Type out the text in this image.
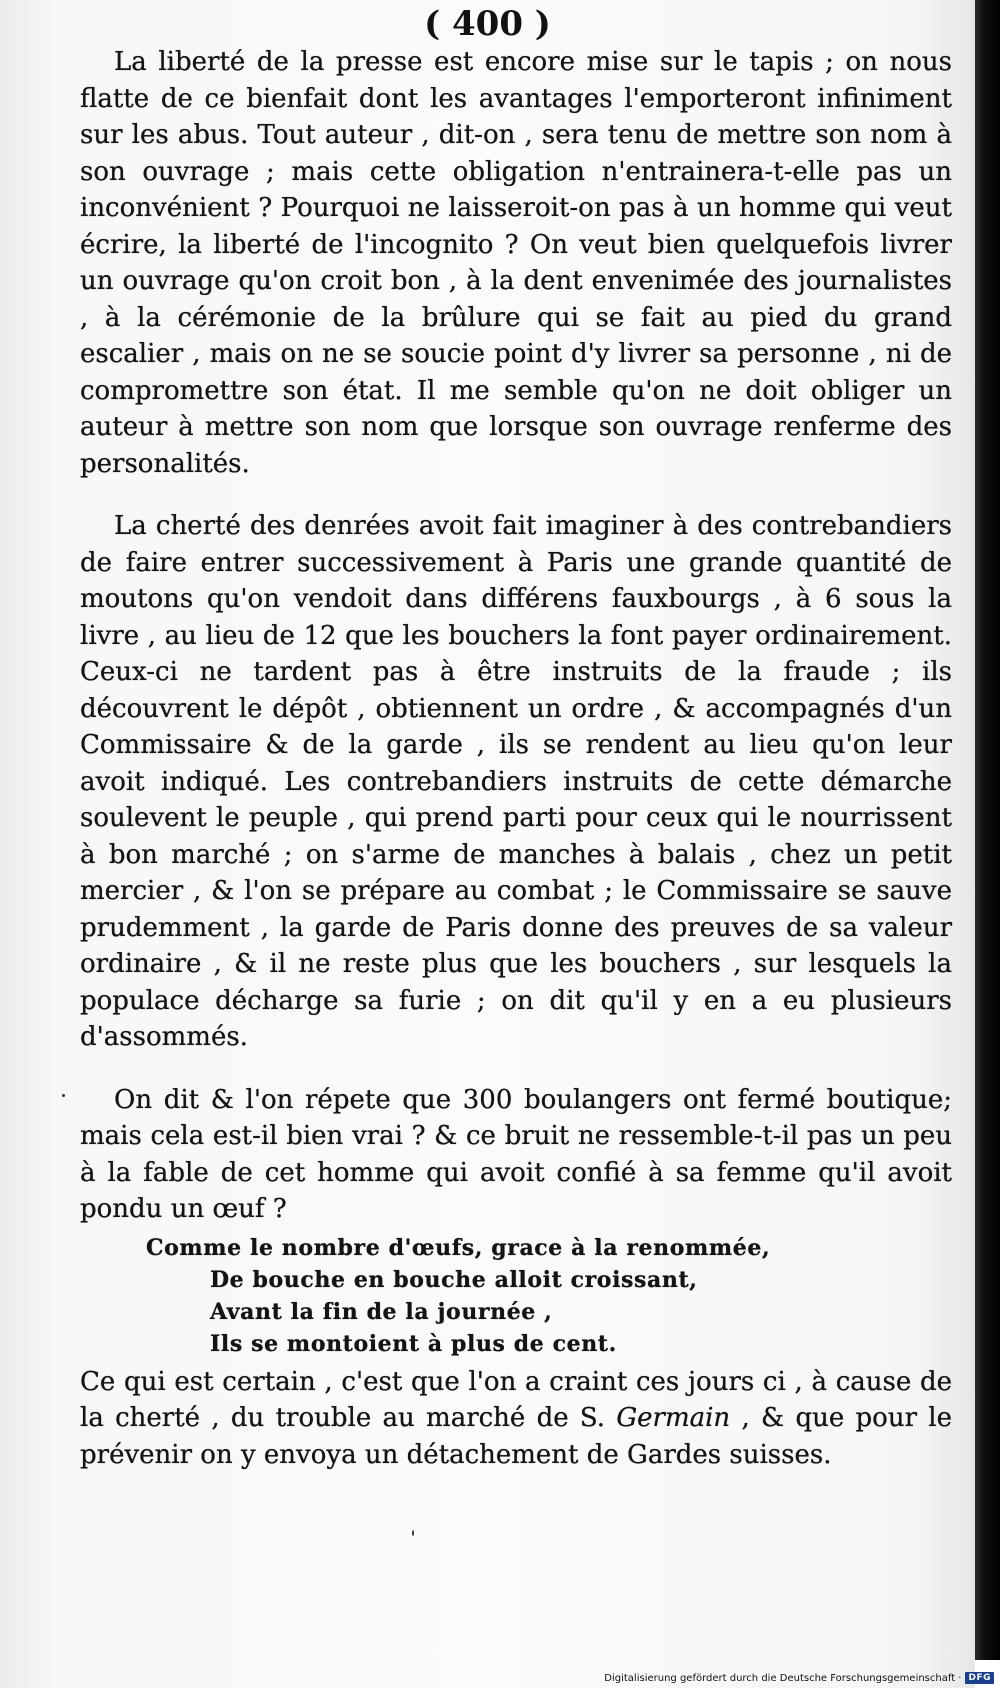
( 400 )

La liberté de la presse est encore mise sur le tapis ; on nous flatte de ce bienfait dont les avantages l'emporteront infiniment sur les abus. Tout auteur , dit-on , sera tenu de mettre son nom à son ouvrage ; mais cette obligation n'entrainera-t-elle pas un inconvénient ? Pourquoi ne laisseroit-on pas à un homme qui veut écrire, la liberté de l'incognito ? On veut bien quelquefois livrer un ouvrage qu'on croit bon , à la dent envenimée des journalistes , à la cérémonie de la brûlure qui se fait au pied du grand escalier , mais on ne se soucie point d'y livrer sa personne , ni de compromettre son état. Il me semble qu'on ne doit obliger un auteur à mettre son nom que lorsque son ouvrage renferme des personalités.

La cherté des denrées avoit fait imaginer à des contrebandiers de faire entrer successivement à Paris une grande quantité de moutons qu'on vendoit dans différens fauxbourgs , à 6 sous la livre , au lieu de 12 que les bouchers la font payer ordinairement. Ceux-ci ne tardent pas à être instruits de la fraude ; ils découvrent le dépôt , obtiennent un ordre , & accompagnés d'un Commissaire & de la garde , ils se rendent au lieu qu'on leur avoit indiqué. Les contrebandiers instruits de cette démarche soulevent le peuple , qui prend parti pour ceux qui le nourrissent à bon marché ; on s'arme de manches à balais , chez un petit mercier , & l'on se prépare au combat ; le Commissaire se sauve prudemment , la garde de Paris donne des preuves de sa valeur ordinaire , & il ne reste plus que les bouchers , sur lesquels la populace décharge sa furie ; on dit qu'il y en a eu plusieurs d'assommés.

On dit & l'on répete que 300 boulangers ont fermé boutique; mais cela est-il bien vrai ? & ce bruit ne ressemble-t-il pas un peu à la fable de cet homme qui avoit confié à sa femme qu'il avoit pondu un œuf ?

Comme le nombre d'œufs, grace à la renommée,
De bouche en bouche alloit croissant,
Avant la fin de la journée ,
Ils se montoient à plus de cent.

Ce qui est certain , c'est que l'on a craint ces jours ci , à cause de la cherté , du trouble au marché de S. Germain , & que pour le prévenir on y envoya un détachement de Gardes suisses.

Digitalisierung gefördert durch die Deutsche Forschungsgemeinschaft · DFG
